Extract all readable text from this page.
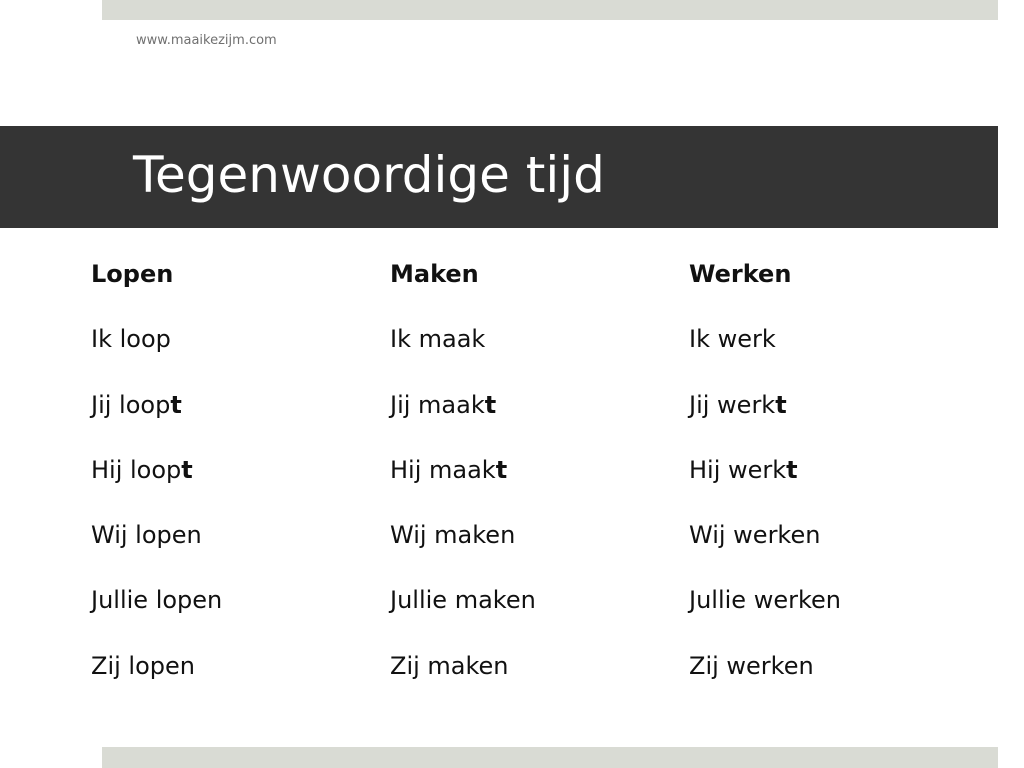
www.maaikezijm.com
Tegenwoordige tijd
Lopen
Ik loop
Jij loopt
Hij loopt
Wij lopen
Jullie lopen
Zij lopen
Maken
Ik maak
Jij maakt
Hij maakt
Wij maken
Jullie maken
Zij maken
Werken
Ik werk
Jij werkt
Hij werkt
Wij werken
Jullie werken
Zij werken
